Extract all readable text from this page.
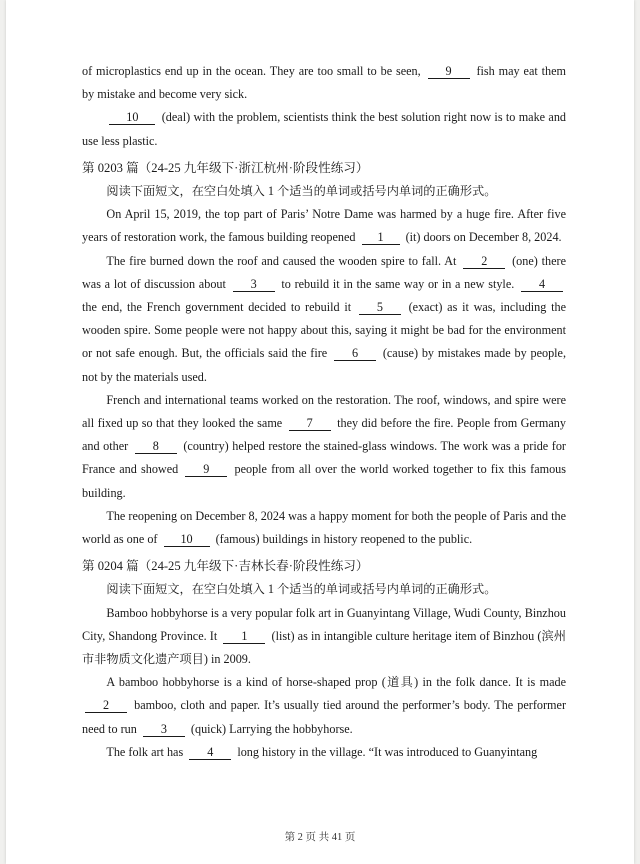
of microplastics end up in the ocean. They are too small to be seen, 9 fish may eat them by mistake and become very sick.

10 (deal) with the problem, scientists think the best solution right now is to make and use less plastic.

第 0203 篇（24-25 九年级下·浙江杭州·阶段性练习）

阅读下面短文，在空白处填入 1 个适当的单词或括号内单词的正确形式。

On April 15, 2019, the top part of Paris’ Notre Dame was harmed by a huge fire. After five years of restoration work, the famous building reopened 1 (it) doors on December 8, 2024.

The fire burned down the roof and caused the wooden spire to fall. At 2 (one) there was a lot of discussion about 3 to rebuild it in the same way or in a new style. 4 the end, the French government decided to rebuild it 5 (exact) as it was, including the wooden spire. Some people were not happy about this, saying it might be bad for the environment or not safe enough. But, the officials said the fire 6 (cause) by mistakes made by people, not by the materials used.

French and international teams worked on the restoration. The roof, windows, and spire were all fixed up so that they looked the same 7 they did before the fire. People from Germany and other 8 (country) helped restore the stained-glass windows. The work was a pride for France and showed 9 people from all over the world worked together to fix this famous building.

The reopening on December 8, 2024 was a happy moment for both the people of Paris and the world as one of 10 (famous) buildings in history reopened to the public.

第 0204 篇（24-25 九年级下·吉林长春·阶段性练习）

阅读下面短文，在空白处填入 1 个适当的单词或括号内单词的正确形式。

Bamboo hobbyhorse is a very popular folk art in Guanyintang Village, Wudi County, Binzhou City, Shandong Province. It 1 (list) as in intangible culture heritage item of Binzhou (滨州市非物质文化遗产项目) in 2009.

A bamboo hobbyhorse is a kind of horse-shaped prop (道具) in the folk dance. It is made 2 bamboo, cloth and paper. It’s usually tied around the performer’s body. The performer need to run 3 (quick) Larrying the hobbyhorse.

The folk art has 4 long history in the village. “It was introduced to Guanyintang

第 2 页 共 41 页
